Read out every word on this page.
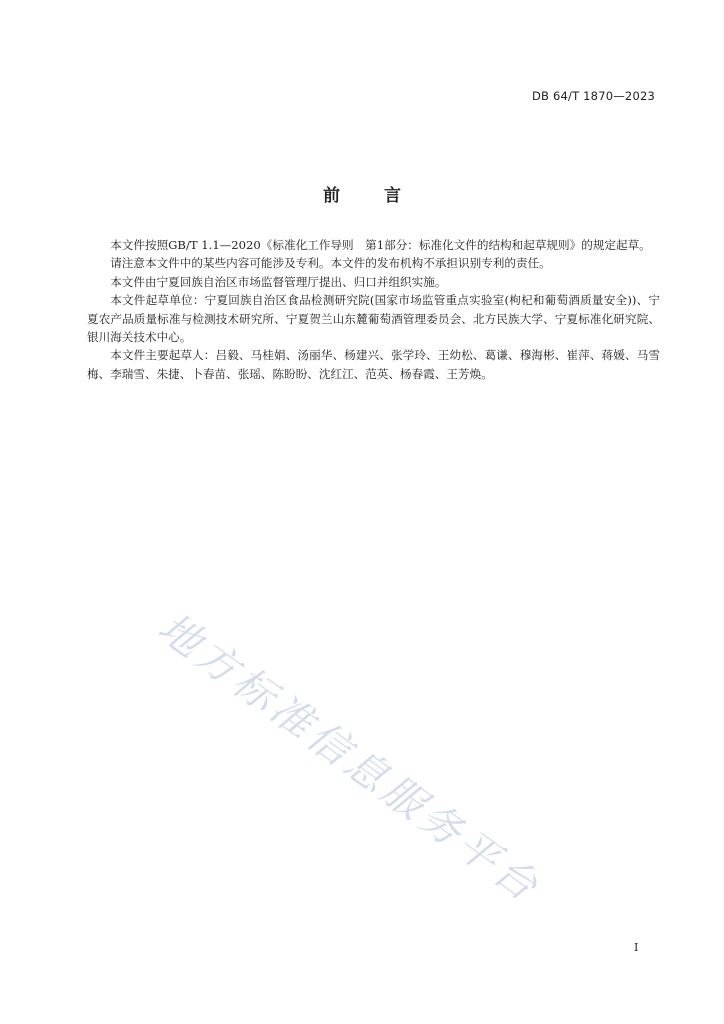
DB 64/T 1870—2023
前	言

本文件按照GB/T 1.1—2020《标准化工作导则　第1部分：标准化文件的结构和起草规则》的规定起草。

请注意本文件中的某些内容可能涉及专利。本文件的发布机构不承担识别专利的责任。

本文件由宁夏回族自治区市场监督管理厅提出、归口并组织实施。

本文件起草单位：宁夏回族自治区食品检测研究院(国家市场监管重点实验室(枸杞和葡萄酒质量安全))、宁夏农产品质量标准与检测技术研究所、宁夏贺兰山东麓葡萄酒管理委员会、北方民族大学、宁夏标准化研究院、银川海关技术中心。

本文件主要起草人：吕毅、马桂娟、汤丽华、杨建兴、张学玲、王幼松、葛谦、穆海彬、崔萍、蒋媛、马雪梅、李瑞雪、朱捷、卜春苗、张瑶、陈盼盼、沈红江、范英、杨春霞、王芳焕。

地方标准信息服务平台
I
